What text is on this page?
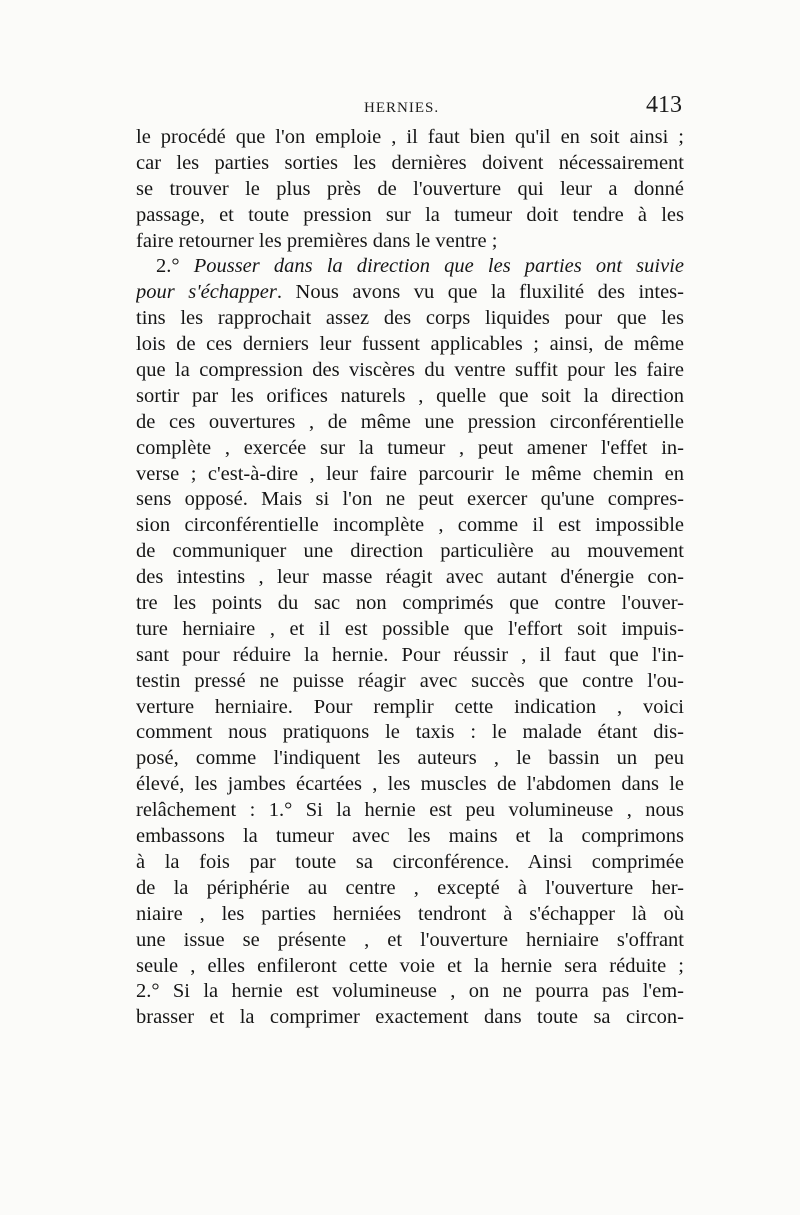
HERNIES.	413
le procédé que l'on emploie , il faut bien qu'il en soit ainsi ;
car les parties sorties les dernières doivent nécessairement
se trouver le plus près de l'ouverture qui leur a donné
passage, et toute pression sur la tumeur doit tendre à les
faire retourner les premières dans le ventre ;
2.° Pousser dans la direction que les parties ont suivie
pour s'échapper. Nous avons vu que la fluxilité des intes-
tins les rapprochait assez des corps liquides pour que les
lois de ces derniers leur fussent applicables ; ainsi, de même
que la compression des viscères du ventre suffit pour les faire
sortir par les orifices naturels , quelle que soit la direction
de ces ouvertures , de même une pression circonférentielle
complète , exercée sur la tumeur , peut amener l'effet in-
verse ; c'est-à-dire , leur faire parcourir le même chemin en
sens opposé. Mais si l'on ne peut exercer qu'une compres-
sion circonférentielle incomplète , comme il est impossible
de communiquer une direction particulière au mouvement
des intestins , leur masse réagit avec autant d'énergie con-
tre les points du sac non comprimés que contre l'ouver-
ture herniaire , et il est possible que l'effort soit impuis-
sant pour réduire la hernie. Pour réussir , il faut que l'in-
testin pressé ne puisse réagir avec succès que contre l'ou-
verture herniaire. Pour remplir cette indication , voici
comment nous pratiquons le taxis : le malade étant dis-
posé, comme l'indiquent les auteurs , le bassin un peu
élevé, les jambes écartées , les muscles de l'abdomen dans le
relâchement : 1.° Si la hernie est peu volumineuse , nous
embassons la tumeur avec les mains et la comprimons
à la fois par toute sa circonférence. Ainsi comprimée
de la périphérie au centre , excepté à l'ouverture her-
niaire , les parties herniées tendront à s'échapper là où
une issue se présente , et l'ouverture herniaire s'offrant
seule , elles enfileront cette voie et la hernie sera réduite ;
2.° Si la hernie est volumineuse , on ne pourra pas l'em-
brasser et la comprimer exactement dans toute sa circon-
